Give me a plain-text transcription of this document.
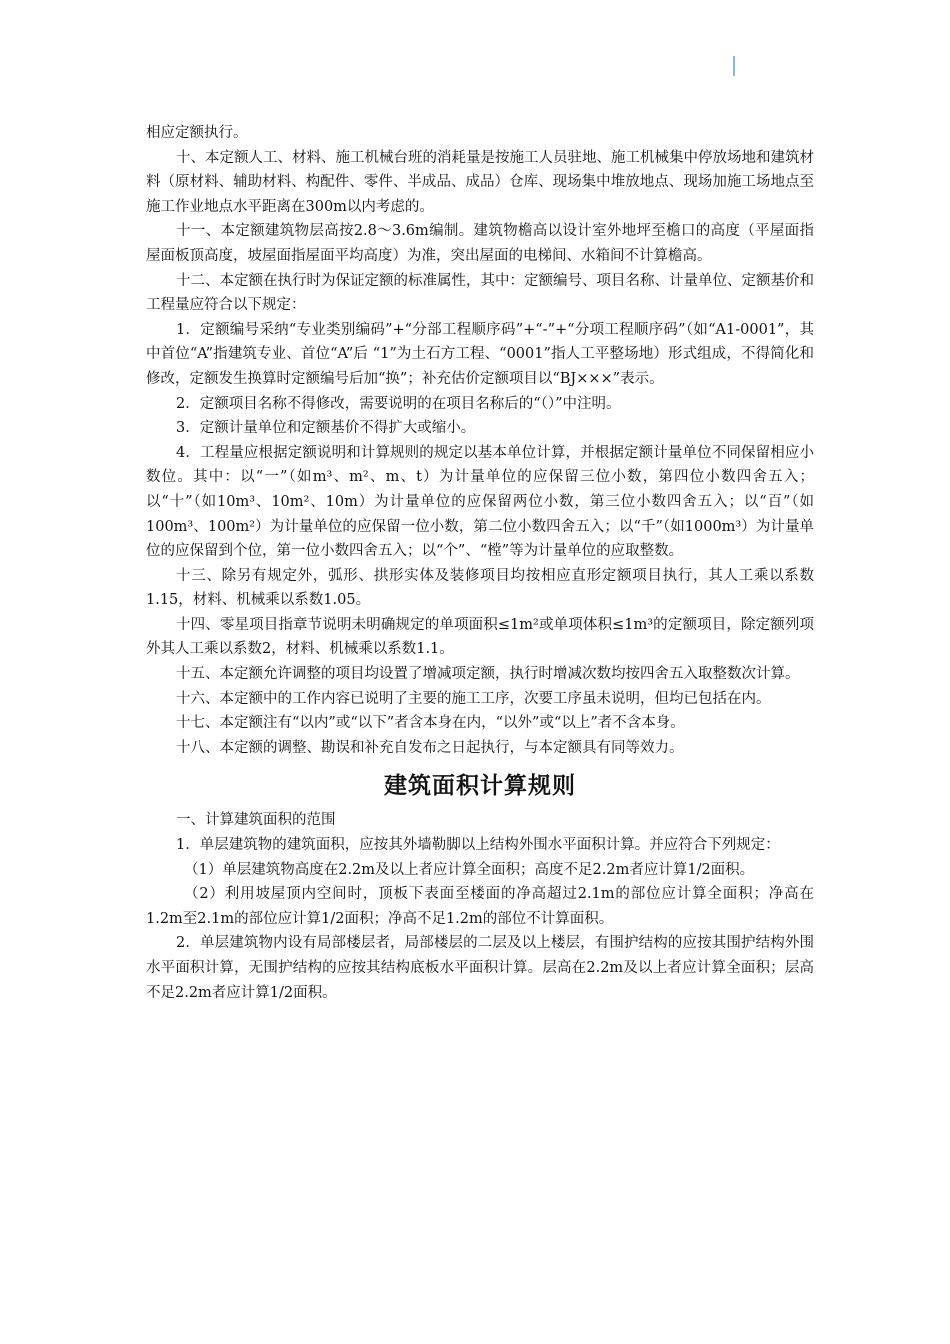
相应定额执行。

十、本定额人工、材料、施工机械台班的消耗量是按施工人员驻地、施工机械集中停放场地和建筑材料（原材料、辅助材料、构配件、零件、半成品、成品）仓库、现场集中堆放地点、现场加施工场地点至施工作业地点水平距离在300m以内考虑的。

十一、本定额建筑物层高按2.8～3.6m编制。建筑物檐高以设计室外地坪至檐口的高度（平屋面指屋面板顶高度，坡屋面指屋面平均高度）为准，突出屋面的电梯间、水箱间不计算檐高。

十二、本定额在执行时为保证定额的标准属性，其中：定额编号、项目名称、计量单位、定额基价和工程量应符合以下规定：

1．定额编号采纳“专业类别编码”+“分部工程顺序码”+“-”+“分项工程顺序码”（如“A1-0001”，其中首位“A”指建筑专业、首位“A”后 “1”为土石方工程、“0001”指人工平整场地）形式组成，不得简化和修改，定额发生换算时定额编号后加“换”；补充估价定额项目以“BJ×××”表示。

2．定额项目名称不得修改，需要说明的在项目名称后的“（）”中注明。

3．定额计量单位和定额基价不得扩大或缩小。

4．工程量应根据定额说明和计算规则的规定以基本单位计算，并根据定额计量单位不同保留相应小数位。其中：以“一”（如m³、m²、m、t）为计量单位的应保留三位小数，第四位小数四舍五入；以“十”（如10m³、10m²、10m）为计量单位的应保留两位小数，第三位小数四舍五入；以“百”（如100m³、100m²）为计量单位的应保留一位小数，第二位小数四舍五入；以“千”（如1000m³）为计量单位的应保留到个位，第一位小数四舍五入；以“个”、“樘”等为计量单位的应取整数。

十三、除另有规定外，弧形、拱形实体及装修项目均按相应直形定额项目执行，其人工乘以系数1.15，材料、机械乘以系数1.05。

十四、零星项目指章节说明未明确规定的单项面积≤1m²或单项体积≤1m³的定额项目，除定额列项外其人工乘以系数2，材料、机械乘以系数1.1。

十五、本定额允许调整的项目均设置了增减项定额，执行时增减次数均按四舍五入取整数次计算。

十六、本定额中的工作内容已说明了主要的施工工序，次要工序虽未说明，但均已包括在内。

十七、本定额注有“以内”或“以下”者含本身在内，“以外”或“以上”者不含本身。

十八、本定额的调整、勘误和补充自发布之日起执行，与本定额具有同等效力。

建筑面积计算规则

一、计算建筑面积的范围

1．单层建筑物的建筑面积，应按其外墙勒脚以上结构外围水平面积计算。并应符合下列规定：

（1）单层建筑物高度在2.2m及以上者应计算全面积；高度不足2.2m者应计算1/2面积。

（2）利用坡屋顶内空间时，顶板下表面至楼面的净高超过2.1m的部位应计算全面积；净高在1.2m至2.1m的部位应计算1/2面积；净高不足1.2m的部位不计算面积。

2．单层建筑物内设有局部楼层者，局部楼层的二层及以上楼层，有围护结构的应按其围护结构外围水平面积计算，无围护结构的应按其结构底板水平面积计算。层高在2.2m及以上者应计算全面积；层高不足2.2m者应计算1/2面积。
